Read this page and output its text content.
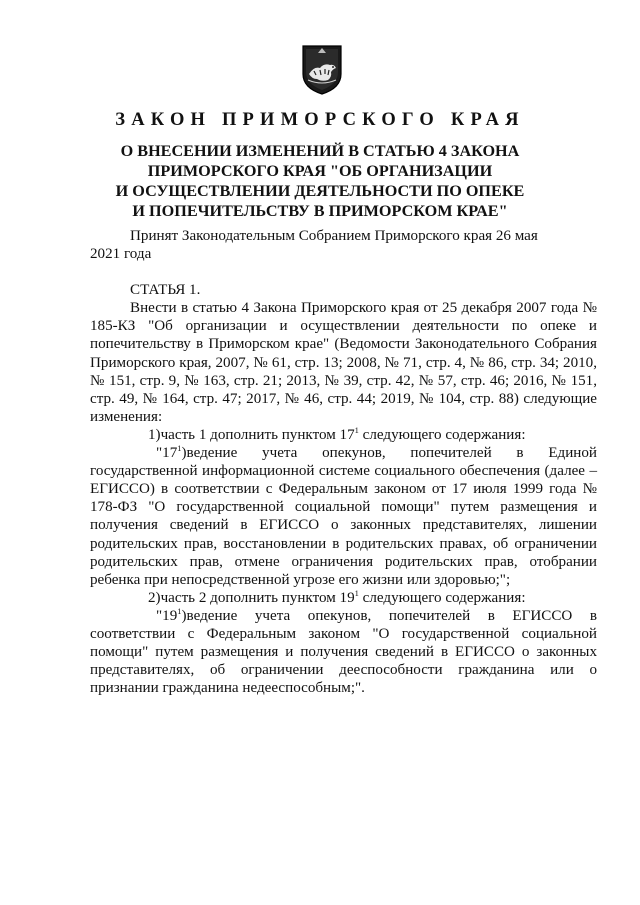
ЗАКОН ПРИМОРСКОГО КРАЯ
О ВНЕСЕНИИ ИЗМЕНЕНИЙ В СТАТЬЮ 4 ЗАКОНА
ПРИМОРСКОГО КРАЯ "ОБ ОРГАНИЗАЦИИ
И ОСУЩЕСТВЛЕНИИ ДЕЯТЕЛЬНОСТИ ПО ОПЕКЕ
И ПОПЕЧИТЕЛЬСТВУ В ПРИМОРСКОМ КРАЕ"

Принят Законодательным Собранием Приморского края 26 мая
2021 года

СТАТЬЯ 1.

Внести в статью 4 Закона Приморского края от 25 декабря 2007 года № 185-КЗ "Об организации и осуществлении деятельности по опеке и попечительству в Приморском крае" (Ведомости Законодательного Собрания Приморского края, 2007, № 61, стр. 13; 2008, № 71, стр. 4, № 86, стр. 34; 2010, № 151, стр. 9, № 163, стр. 21; 2013, № 39, стр. 42, № 57, стр. 46; 2016, № 151, стр. 49, № 164, стр. 47; 2017, № 46, стр. 44; 2019, № 104, стр. 88) следующие изменения:

1)часть 1 дополнить пунктом $17^1$ следующего содержания:

"$17^1)ведение$ учета опекунов, попечителей в Единой государственной информационной системе социального обеспечения (далее – ЕГИССО) в соответствии с Федеральным законом от 17 июля 1999 года № 178-ФЗ "О государственной социальной помощи" путем размещения и получения сведений в ЕГИССО о законных представителях, лишении родительских прав, восстановлении в родительских правах, об ограничении родительских прав, отмене ограничения родительских прав, отобрании ребенка при непосредственной угрозе его жизни или здоровью;";

2)часть 2 дополнить пунктом $19^1$ следующего содержания:

"$19^1)ведение$ учета опекунов, попечителей в ЕГИССО в соответствии с Федеральным законом "О государственной социальной помощи" путем размещения и получения сведений в ЕГИССО о законных представителях, об ограничении дееспособности гражданина или о признании гражданина недееспособным;".
